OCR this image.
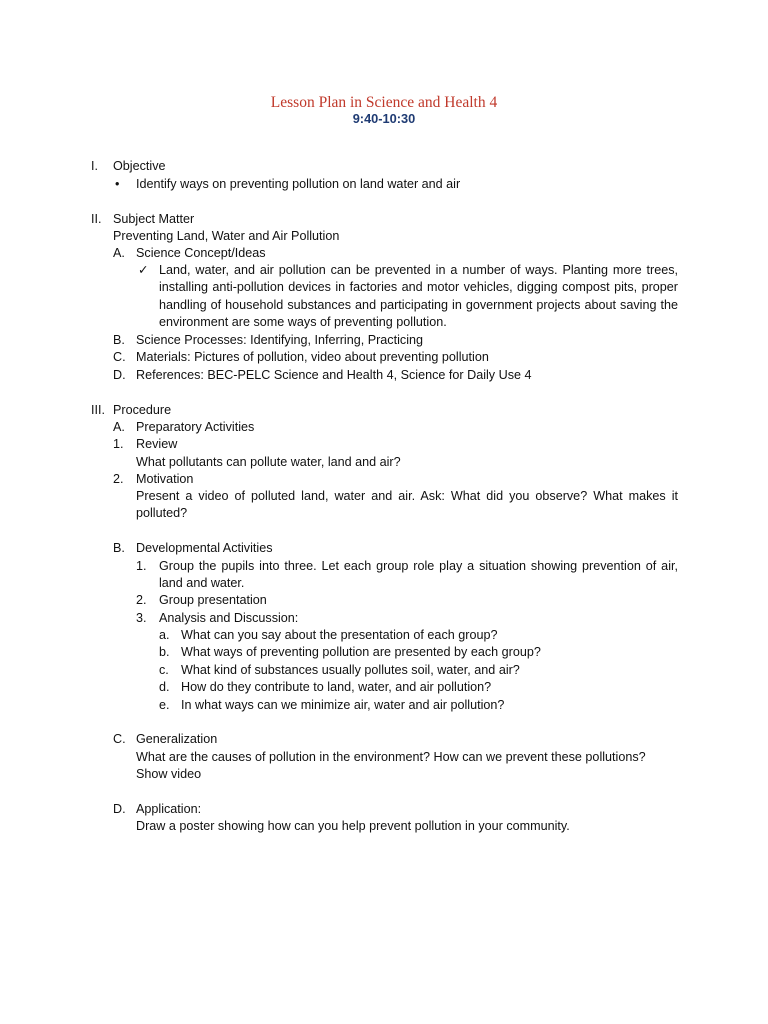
Lesson Plan in Science and Health 4
9:40-10:30
I. Objective
• Identify ways on preventing pollution on land water and air
II. Subject Matter
Preventing Land, Water and Air Pollution
A. Science Concept/Ideas
✓ Land, water, and air pollution can be prevented in a number of ways. Planting more trees, installing anti-pollution devices in factories and motor vehicles, digging compost pits, proper handling of household substances and participating in government projects about saving the environment are some ways of preventing pollution.
B. Science Processes: Identifying, Inferring, Practicing
C. Materials: Pictures of pollution, video about preventing pollution
D. References: BEC-PELC Science and Health 4, Science for Daily Use 4
III. Procedure
A. Preparatory Activities
1. Review
What pollutants can pollute water, land and air?
2. Motivation
Present a video of polluted land, water and air. Ask: What did you observe? What makes it polluted?
B. Developmental Activities
1. Group the pupils into three. Let each group role play a situation showing prevention of air, land and water.
2. Group presentation
3. Analysis and Discussion:
a. What can you say about the presentation of each group?
b. What ways of preventing pollution are presented by each group?
c. What kind of substances usually pollutes soil, water, and air?
d. How do they contribute to land, water, and air pollution?
e. In what ways can we minimize air, water and air pollution?
C. Generalization
What are the causes of pollution in the environment? How can we prevent these pollutions?
Show video
D. Application:
Draw a poster showing how can you help prevent pollution in your community.
